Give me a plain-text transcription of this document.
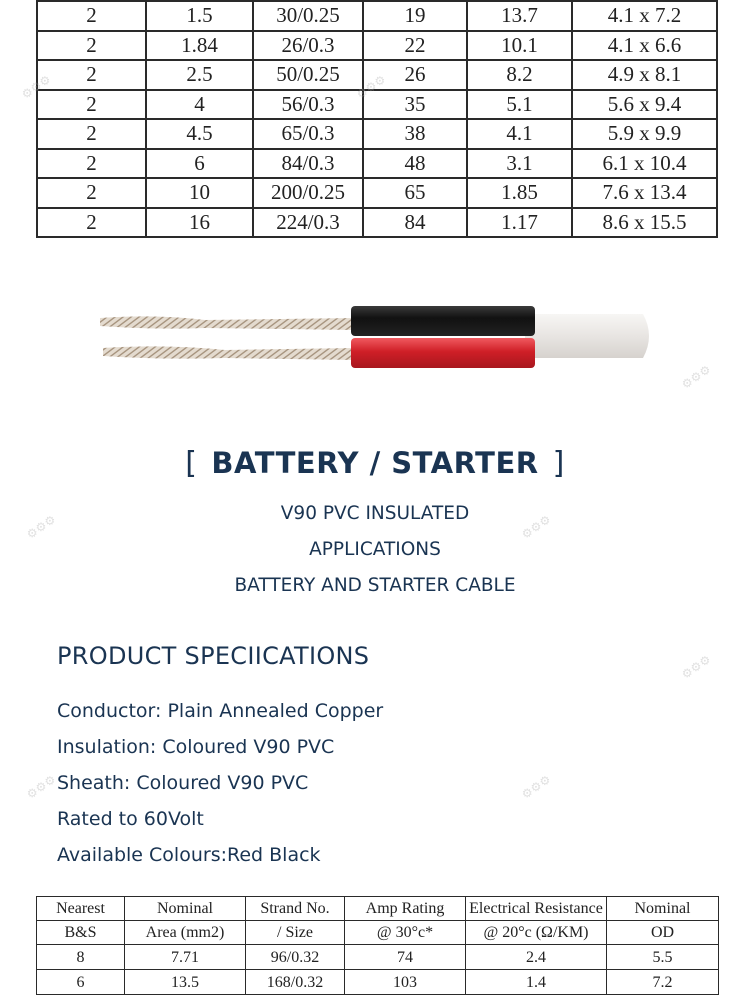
2	1.5	30/0.25	19	13.7	4.1 x 7.2
2	1.84	26/0.3	22	10.1	4.1 x 6.6
2	2.5	50/0.25	26	8.2	4.9 x 8.1
2	4	56/0.3	35	5.1	5.6 x 9.4
2	4.5	65/0.3	38	4.1	5.9 x 9.9
2	6	84/0.3	48	3.1	6.1 x 10.4
2	10	200/0.25	65	1.85	7.6 x 13.4
2	16	224/0.3	84	1.17	8.6 x 15.5
[ BATTERY / STARTER ]
V90 PVC INSULATED
APPLICATIONS
BATTERY AND STARTER CABLE
PRODUCT SPECIICATIONS
Conductor: Plain Annealed Copper
Insulation: Coloured V90 PVC
Sheath: Coloured V90 PVC
Rated to 60Volt
Available Colours:Red Black
Nearest	Nominal	Strand No.	Amp Rating	Electrical Resistance	Nominal
B&S	Area (mm2)	/ Size	@ 30°c*	@ 20°c (Ω/KM)	OD
8	7.71	96/0.32	74	2.4	5.5
6	13.5	168/0.32	103	1.4	7.2
⚙⚙⚙	⚙⚙⚙
⚙⚙⚙
⚙⚙⚙	⚙⚙⚙
⚙⚙⚙
⚙⚙⚙	⚙⚙⚙
